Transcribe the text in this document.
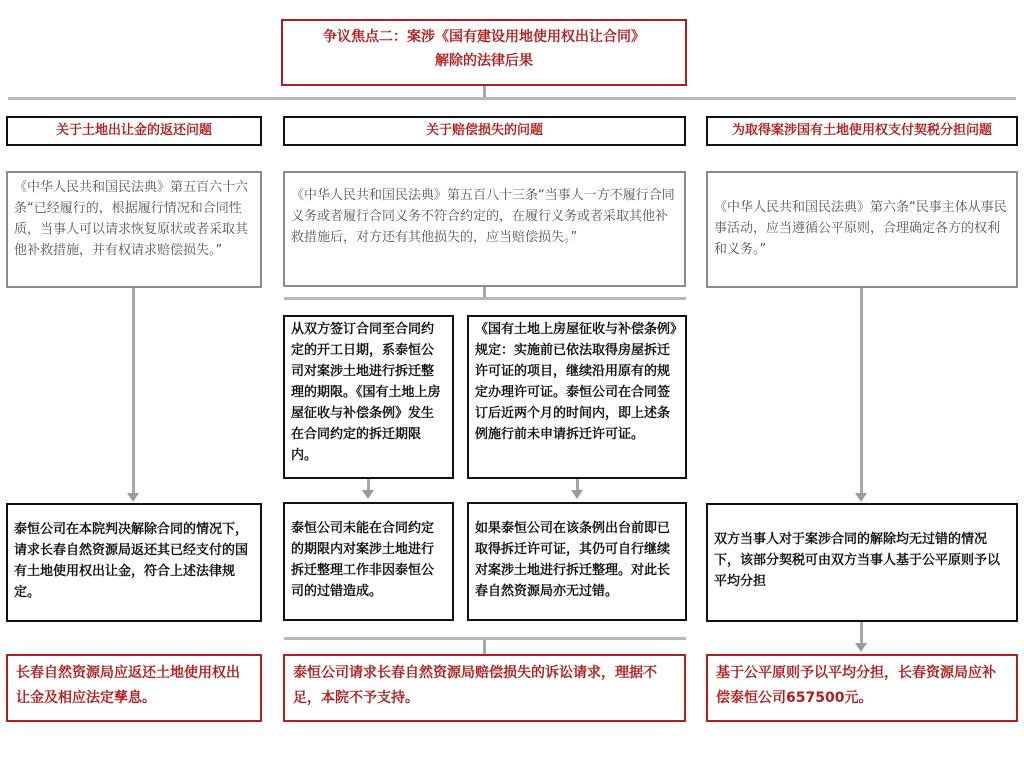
争议焦点二：案涉《国有建设用地使用权出让合同》
解除的法律后果
关于土地出让金的返还问题	关于赔偿损失的问题	为取得案涉国有土地使用权支付契税分担问题
《中华人民共和国民法典》第五百六十六条“已经履行的，根据履行情况和合同性质，当事人可以请求恢复原状或者采取其他补救措施，并有权请求赔偿损失。”
《中华人民共和国民法典》第五百八十三条“当事人一方不履行合同义务或者履行合同义务不符合约定的，在履行义务或者采取其他补救措施后，对方还有其他损失的，应当赔偿损失。”
《中华人民共和国民法典》第六条“民事主体从事民事活动，应当遵循公平原则，合理确定各方的权利和义务。”
从双方签订合同至合同约定的开工日期，系泰恒公司对案涉土地进行拆迁整理的期限。《国有土地上房屋征收与补偿条例》发生在合同约定的拆迁期限内。
《国有土地上房屋征收与补偿条例》规定：实施前已依法取得房屋拆迁许可证的项目，继续沿用原有的规定办理许可证。泰恒公司在合同签订后近两个月的时间内，即上述条例施行前未申请拆迁许可证。
泰恒公司在本院判决解除合同的情况下，请求长春自然资源局返还其已经支付的国有土地使用权出让金，符合上述法律规定。
泰恒公司未能在合同约定的期限内对案涉土地进行拆迁整理工作非因泰恒公司的过错造成。
如果泰恒公司在该条例出台前即已取得拆迁许可证，其仍可自行继续对案涉土地进行拆迁整理。对此长春自然资源局亦无过错。
双方当事人对于案涉合同的解除均无过错的情况下，该部分契税可由双方当事人基于公平原则予以平均分担
长春自然资源局应返还土地使用权出让金及相应法定孳息。
泰恒公司请求长春自然资源局赔偿损失的诉讼请求，理据不足，本院不予支持。
基于公平原则予以平均分担，长春资源局应补偿泰恒公司657500元。
